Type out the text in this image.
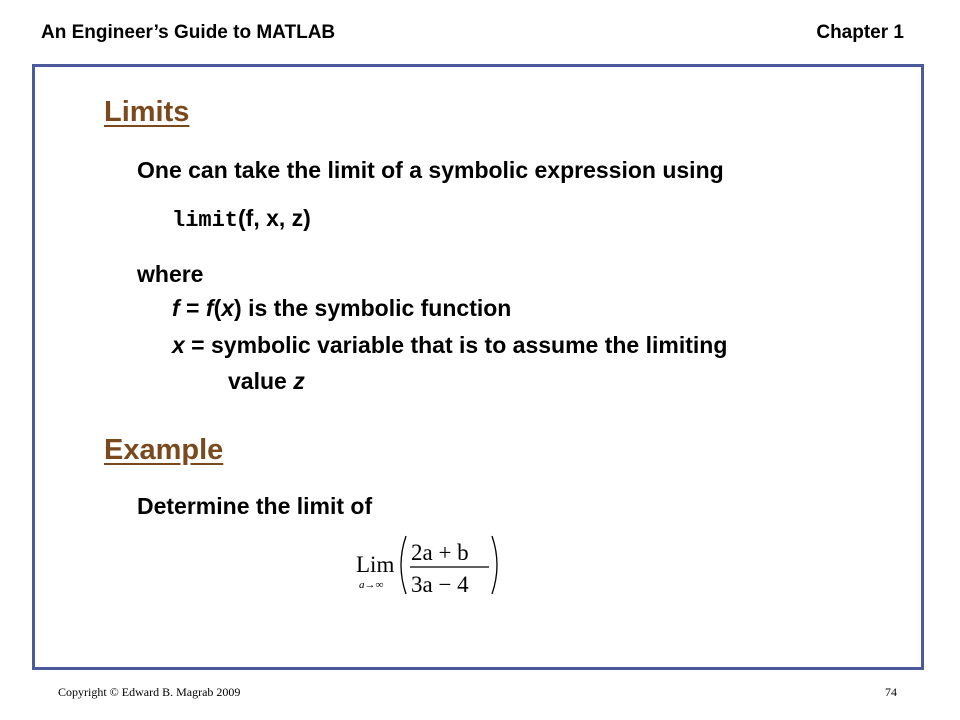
An Engineer’s Guide to MATLAB	Chapter 1
Limits
One can take the limit of a symbolic expression using
limit(f, x, z)
where
f = f(x) is the symbolic function
x = symbolic variable that is to assume the limiting
value z
Example
Determine the limit of
Lim
a→∞
2a + b
3a − 4
Copyright © Edward B. Magrab 2009	74
